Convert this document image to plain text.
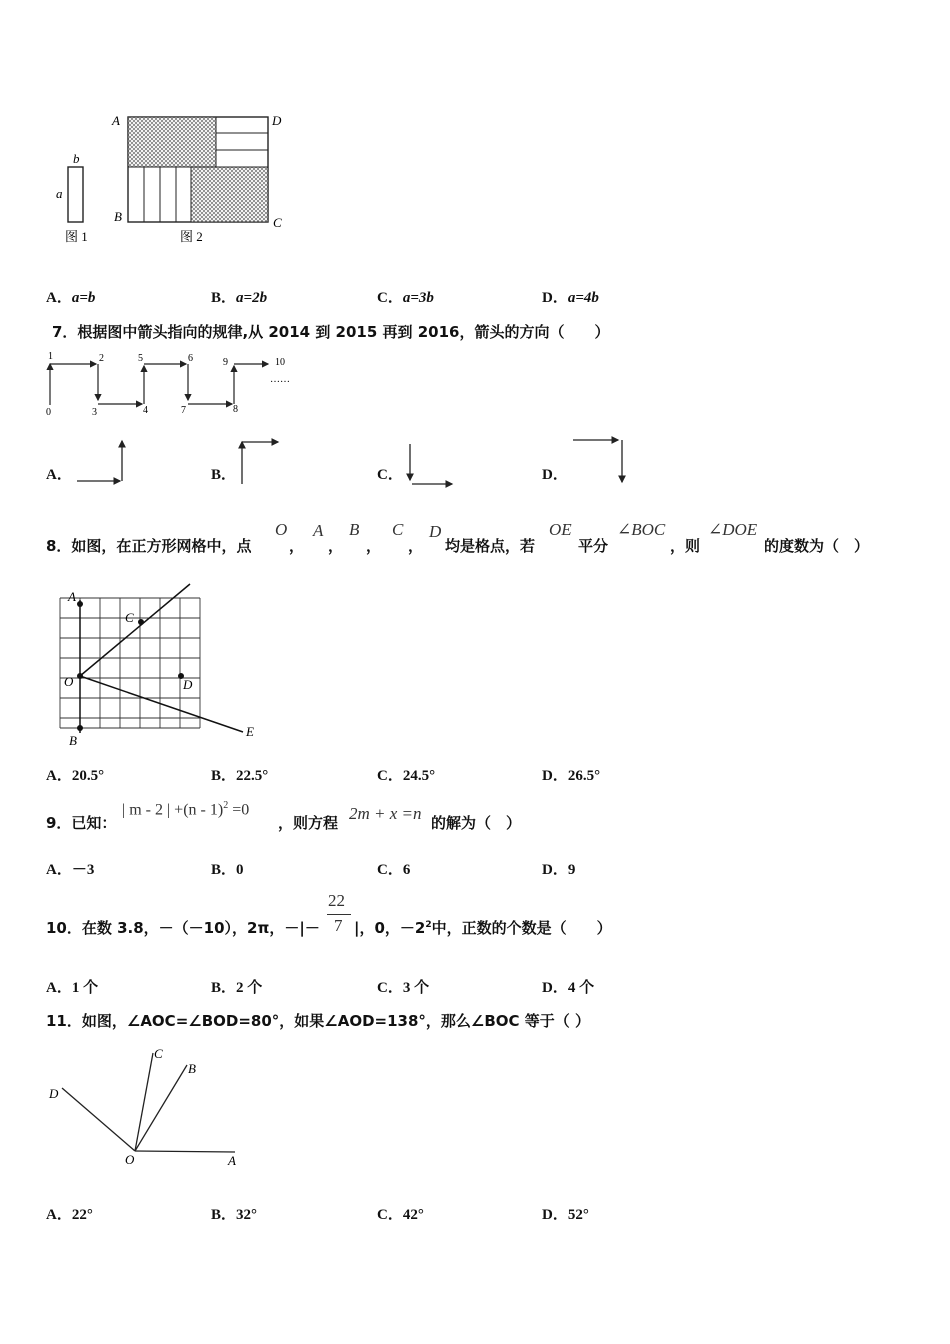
a
b
图 1
A	D
B	C
图 2
A．a=b	B．a=2b	C．a=3b	D．a=4b
7．根据图中箭头指向的规律,从 2014 到 2015 再到 2016，箭头的方向（　　）
0
1	2
3	4
5	6
7	8
9	10
……
A．	B．	C．	D．
8．如图，在正方形网格中，点
O
，
A
，
B
，
C
，
D
均是格点，若
OE
平分
∠BOC
，则
∠DOE
的度数为（　）
A
C
O	D
B
E
A．20.5°	B．22.5°	C．24.5°	D．26.5°
9．已知：
| m - 2 | +(n - 1)$^2$ =0
，则方程 2m + x =n 的解为（　）
A．－3	B．0	C．6	D．9
10．在数 3.8，－（－10），2π，－|－
22
7 |，0，$-2^2$中，正数的个数是（　　）
A．1 个	B．2 个	C．3 个	D．4 个
11．如图，∠AOC=∠BOD=80°，如果∠AOD=138°，那么∠BOC 等于（ ）
C
B
D
O	A
A．22°	B．32°	C．42°	D．52°
